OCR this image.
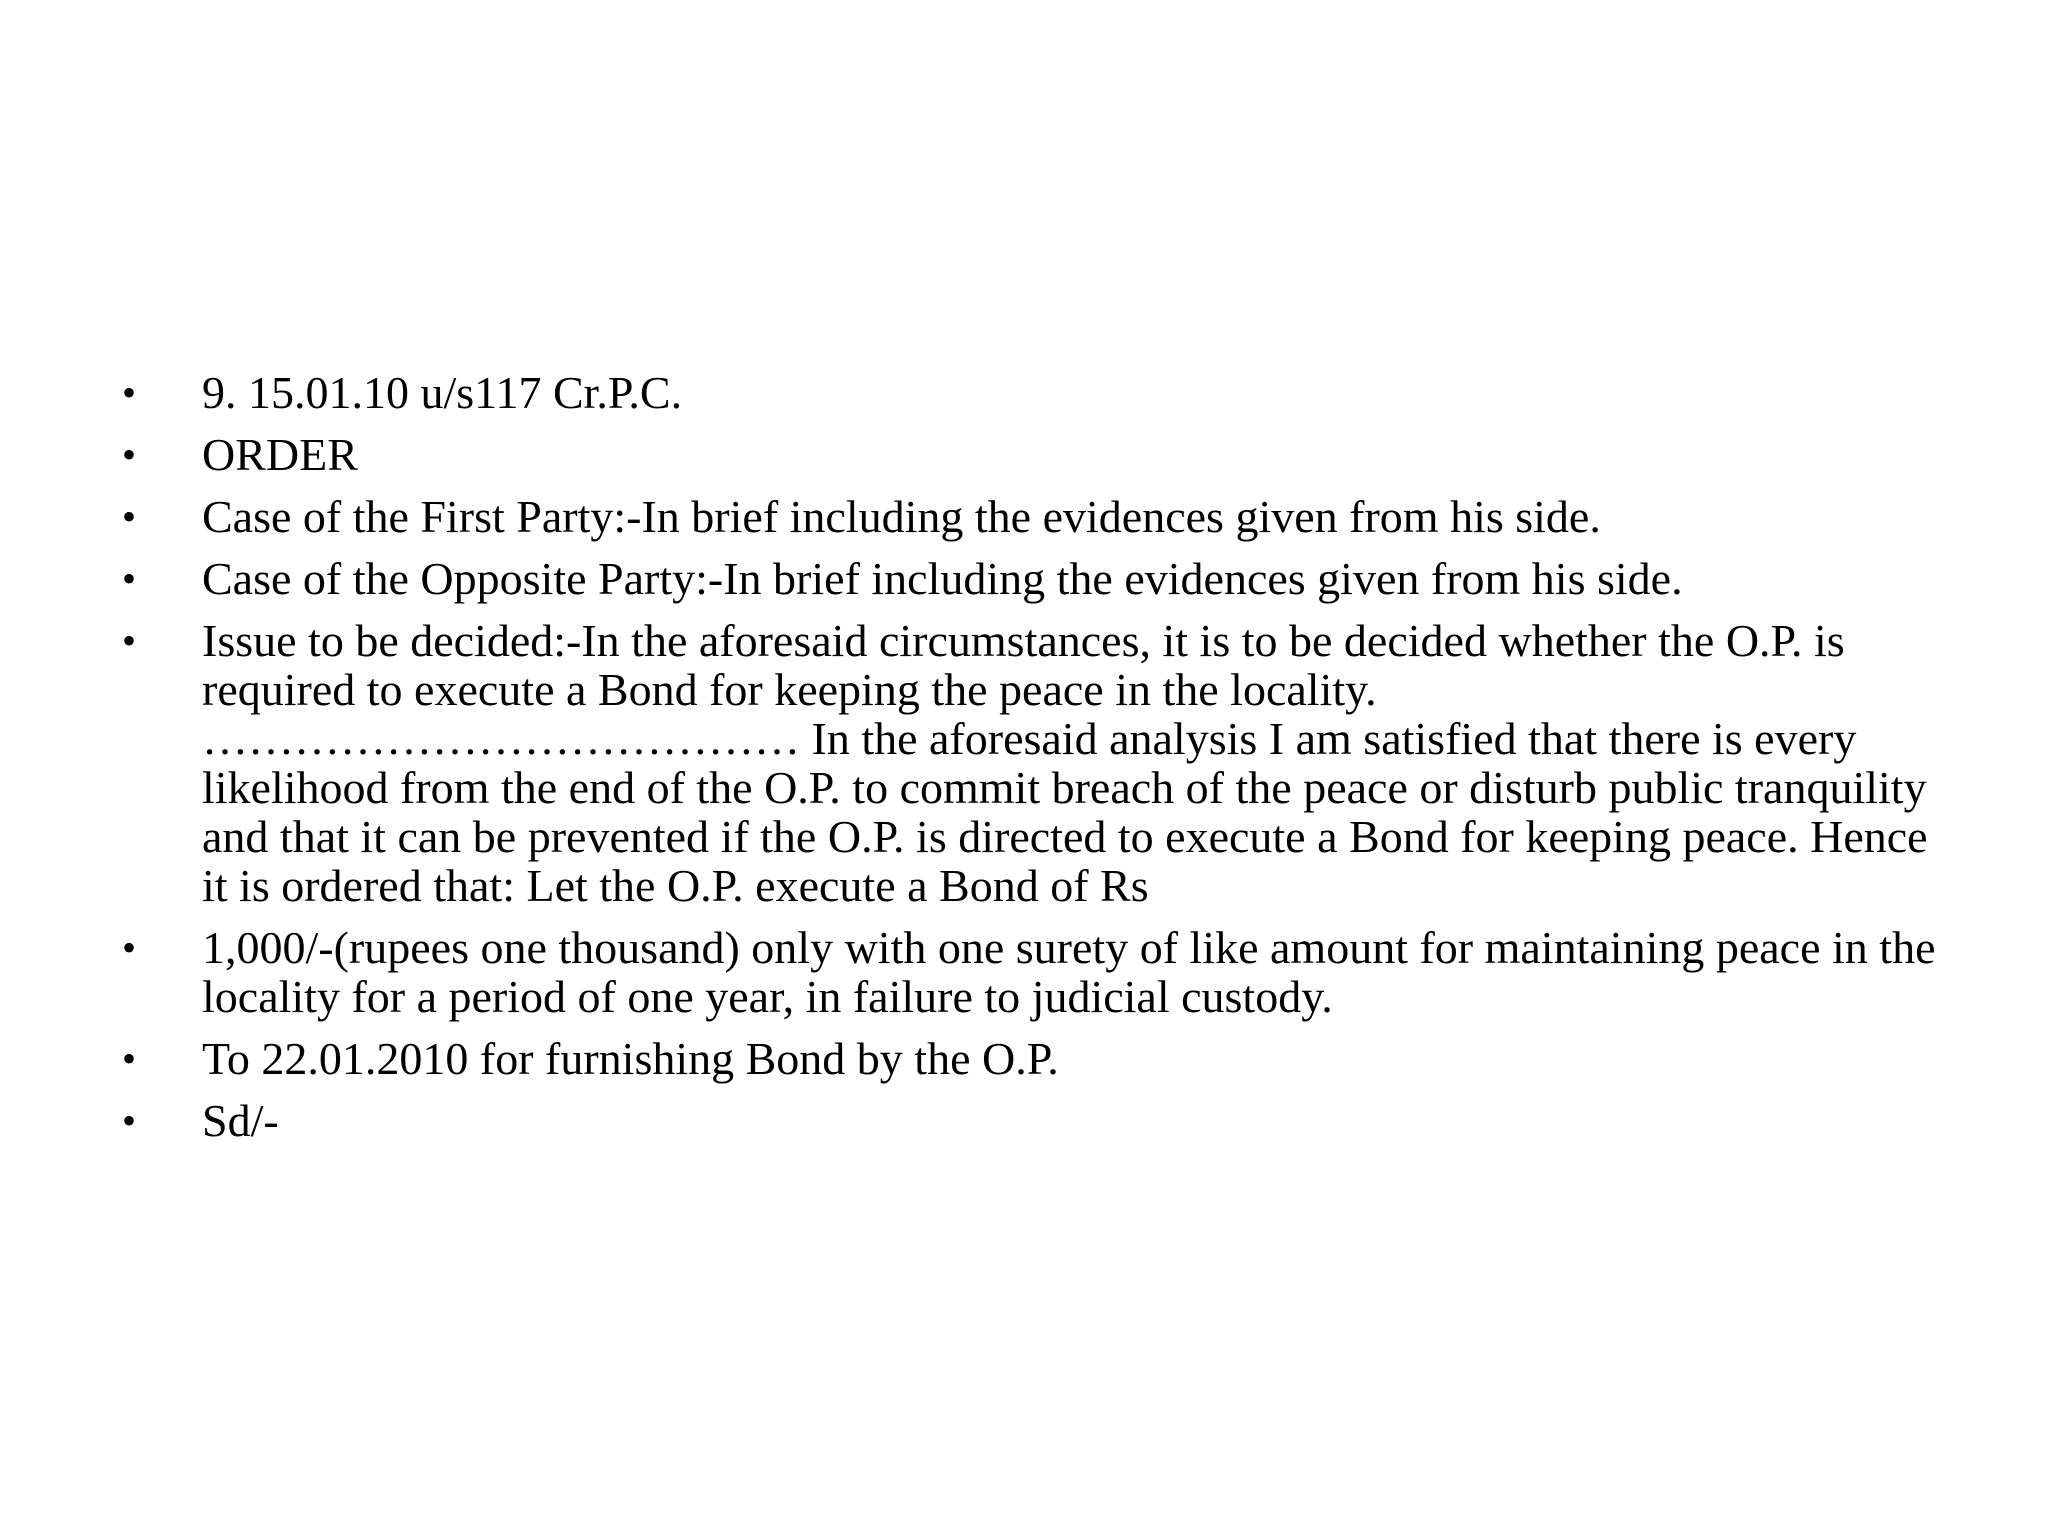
•	9. 15.01.10 u/s117 Cr.P.C.
•	ORDER
•	Case of the First Party:-In brief including the evidences given from his side.
•	Case of the Opposite Party:-In brief including the evidences given from his side.
•	Issue to be decided:-In the aforesaid circumstances, it is to be decided whether the O.P. is required to execute a Bond for keeping the peace in the locality. ………………………………… In the aforesaid analysis I am satisfied that there is every likelihood from the end of the O.P. to commit breach of the peace or disturb public tranquility and that it can be prevented if the O.P. is directed to execute a Bond for keeping peace. Hence it is ordered that: Let the O.P. execute a Bond of Rs
•	1,000/-(rupees one thousand) only with one surety of like amount for maintaining peace in the locality for a period of one year, in failure to judicial custody.
•	To 22.01.2010 for furnishing Bond by the O.P.
•	Sd/-
